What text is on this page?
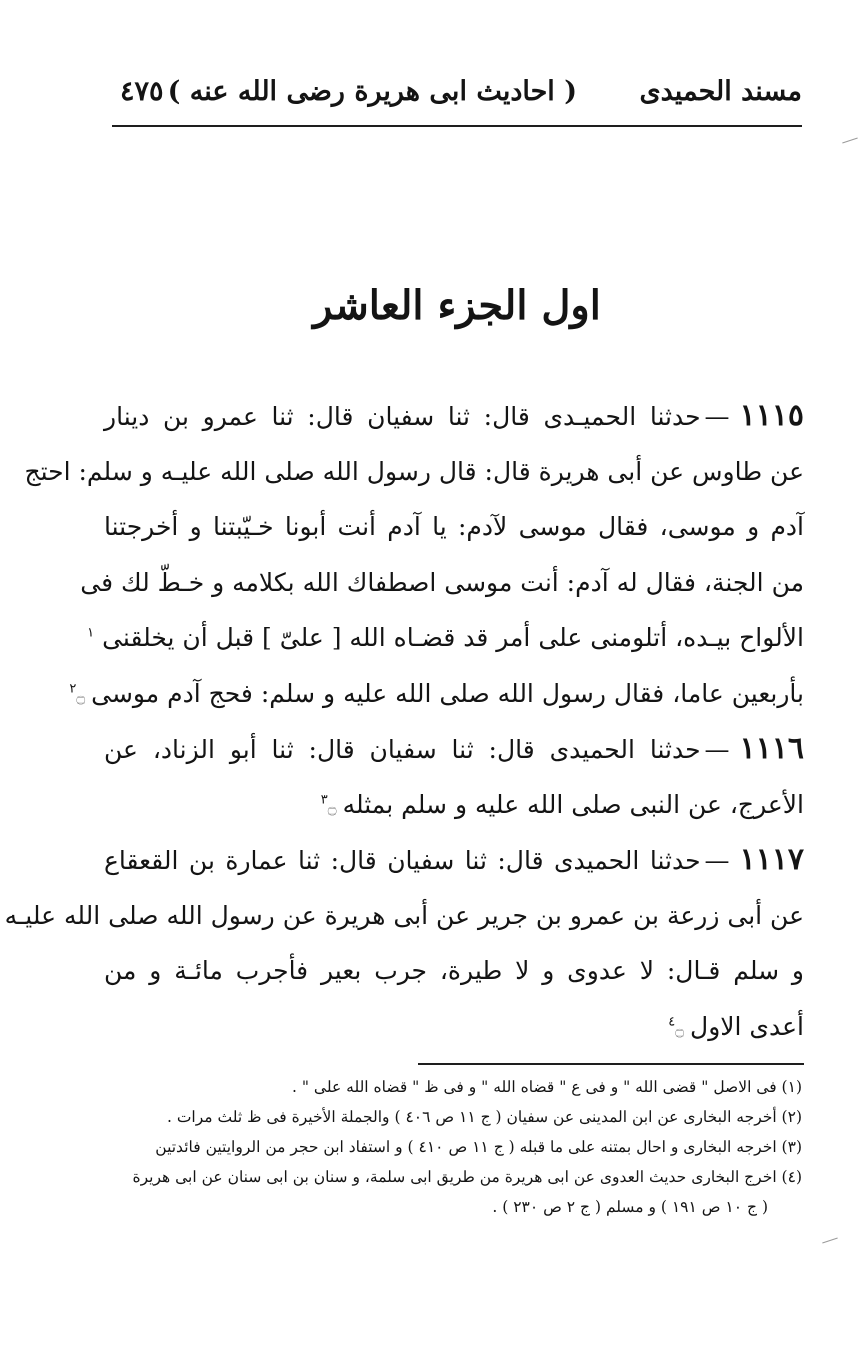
مسند الحميدى
( احاديث ابى هريرة رضى الله عنه )
٤٧٥
اول الجزء العاشر
١١١٥—حدثنا الحميـدى قال: ثنا سفيان قال: ثنا عمرو بن دينار
عن طاوس عن أبى هريرة قال: قال رسول الله صلى الله عليـه و سلم: احتج
آدم و موسى، فقال موسى لآدم: يا آدم أنت أبونا خـيّبتنا و أخرجتنا
من الجنة، فقال له آدم: أنت موسى اصطفاك الله بكلامه و خـطّ لك فى
الألواح بيـده، أتلومنى على أمر قد قضـاه الله [ علىّ ] قبل أن يخلقنى $^١$
بأربعين عاما، فقال رسول الله صلى الله عليه و سلم: فحج آدم موسى$^٢$۝
١١١٦—حدثنا الحميدى قال: ثنا سفيان قال: ثنا أبو الزناد، عن
الأعرج، عن النبى صلى الله عليه و سلم بمثله$^٣$۝
١١١٧—حدثنا الحميدى قال: ثنا سفيان قال: ثنا عمارة بن القعقاع
عن أبى زرعة بن عمرو بن جرير عن أبى هريرة عن رسول الله صلى الله عليـه
و سلم قـال: لا عدوى و لا طيرة، جرب بعير فأجرب مائـة و من
أعدى الاول$^٤$۝
(١) فى الاصل " قضى الله " و فى ع " قضاه الله " و فى ظ " قضاه الله على " .
(٢) أخرجه البخارى عن ابن المدينى عن سفيان ( ج ١١ ص ٤٠٦ ) والجملة الأخيرة فى ظ ثلث مرات .
(٣) اخرجه البخارى و احال بمتنه على ما قبله ( ج ١١ ص ٤١٠ ) و استفاد ابن حجر من الروايتين فائدتين
(٤) اخرج البخارى حديث العدوى عن ابى هريرة من طريق ابى سلمة، و سنان بن ابى سنان عن ابى هريرة
( ج ١٠ ص ١٩١ ) و مسلم ( ج ٢ ص ٢٣٠ ) .
